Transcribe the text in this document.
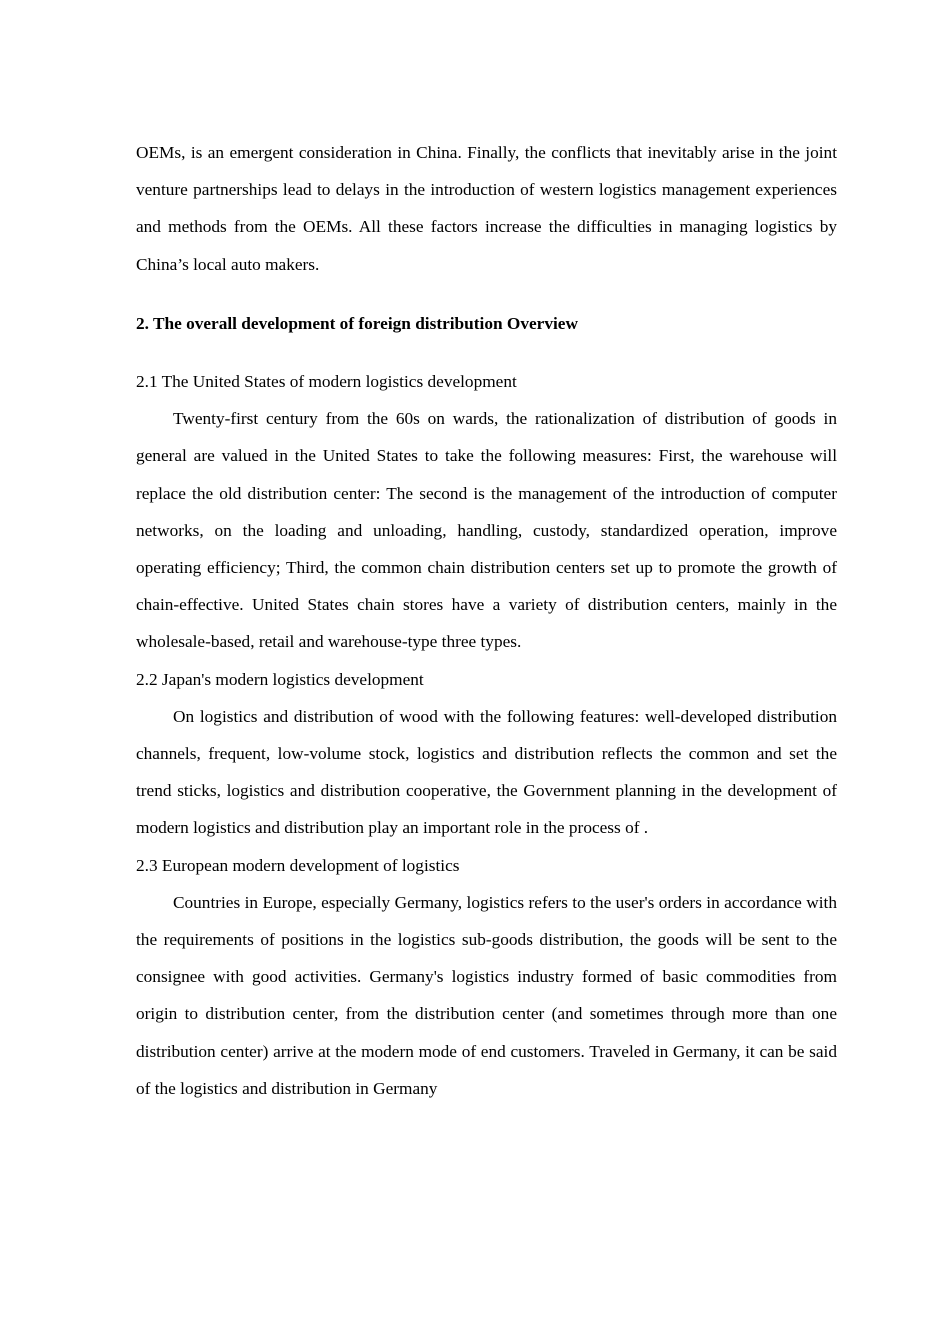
OEMs, is an emergent consideration in China. Finally, the conflicts that inevitably arise in the joint venture partnerships lead to delays in the introduction of western logistics management experiences and methods from the OEMs. All these factors increase the difficulties in managing logistics by China’s local auto makers.

2. The overall development of foreign distribution Overview

2.1 The United States of modern logistics development

Twenty-first century from the 60s on wards, the rationalization of distribution of goods in general are valued in the United States to take the following measures: First, the warehouse will replace the old distribution center: The second is the management of the introduction of computer networks, on the loading and unloading, handling, custody, standardized operation, improve operating efficiency; Third, the common chain distribution centers set up to promote the growth of chain-effective. United States chain stores have a variety of distribution centers, mainly in the wholesale-based, retail and warehouse-type three types.

2.2 Japan's modern logistics development

On logistics and distribution of wood with the following features: well-developed distribution channels, frequent, low-volume stock, logistics and distribution reflects the common and set the trend sticks, logistics and distribution cooperative, the Government planning in the development of modern logistics and distribution play an important role in the process of .

2.3 European modern development of logistics

Countries in Europe, especially Germany, logistics refers to the user's orders in accordance with the requirements of positions in the logistics sub-goods distribution, the goods will be sent to the consignee with good activities. Germany's logistics industry formed of basic commodities from origin to distribution center, from the distribution center (and sometimes through more than one distribution center) arrive at the modern mode of end customers. Traveled in Germany, it can be said of the logistics and distribution in Germany
